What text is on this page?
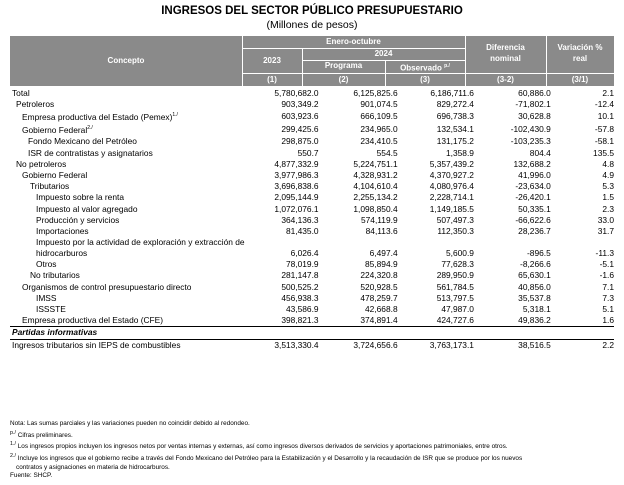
INGRESOS DEL SECTOR PÚBLICO PRESUPUESTARIO
(Millones de pesos)
Concepto
Enero-octubre
2023
2024
Programa	Observado $^{p./}$
(1)	(2)	(3)
Diferencia
nominal
(3-2)
Variación %
real
(3/1)
Total	5,780,682.0	6,125,825.6	6,186,711.6	60,886.0	2.1
Petroleros	903,349.2	901,074.5	829,272.4	-71,802.1	-12.4
Empresa productiva del Estado (Pemex)$^{1./}$	603,923.6	666,109.5	696,738.3	30,628.8	10.1
Gobierno Federal$^{2./}$	299,425.6	234,965.0	132,534.1	-102,430.9	-57.8
Fondo Mexicano del Petróleo	298,875.0	234,410.5	131,175.2	-103,235.3	-58.1
ISR de contratistas y asignatarios	550.7	554.5	1,358.9	804.4	135.5
No petroleros	4,877,332.9	5,224,751.1	5,357,439.2	132,688.2	4.8
Gobierno Federal	3,977,986.3	4,328,931.2	4,370,927.2	41,996.0	4.9
Tributarios	3,696,838.6	4,104,610.4	4,080,976.4	-23,634.0	5.3
Impuesto sobre la renta	2,095,144.9	2,255,134.2	2,228,714.1	-26,420.1	1.5
Impuesto al valor agregado	1,072,076.1	1,098,850.4	1,149,185.5	50,335.1	2.3
Producción y servicios	364,136.3	574,119.9	507,497.3	-66,622.6	33.0
Importaciones	81,435.0	84,113.6	112,350.3	28,236.7	31.7
Impuesto por la actividad de exploración y extracción de hidrocarburos	6,026.4	6,497.4	5,600.9	-896.5	-11.3
Otros	78,019.9	85,894.9	77,628.3	-8,266.6	-5.1
No tributarios	281,147.8	224,320.8	289,950.9	65,630.1	-1.6
Organismos de control presupuestario directo	500,525.2	520,928.5	561,784.5	40,856.0	7.1
IMSS	456,938.3	478,259.7	513,797.5	35,537.8	7.3
ISSSTE	43,586.9	42,668.8	47,987.0	5,318.1	5.1
Empresa productiva del Estado (CFE)	398,821.3	374,891.4	424,727.6	49,836.2	1.6
Partidas informativas					
Ingresos tributarios sin IEPS de combustibles	3,513,330.4	3,724,656.6	3,763,173.1	38,516.5	2.2
Nota: Las sumas parciales y las variaciones pueden no coincidir debido al redondeo.
$^{p./}$ Cifras preliminares.
$^{1./}$ Los ingresos propios incluyen los ingresos netos por ventas internas y externas, así como ingresos diversos derivados de servicios y aportaciones patrimoniales, entre otros.
$^{2./}$ Incluye los ingresos que el gobierno recibe a través del Fondo Mexicano del Petróleo para la Estabilización y el Desarrollo y la recaudación de ISR que se produce por los nuevos
contratos y asignaciones en materia de hidrocarburos.
Fuente: SHCP.
